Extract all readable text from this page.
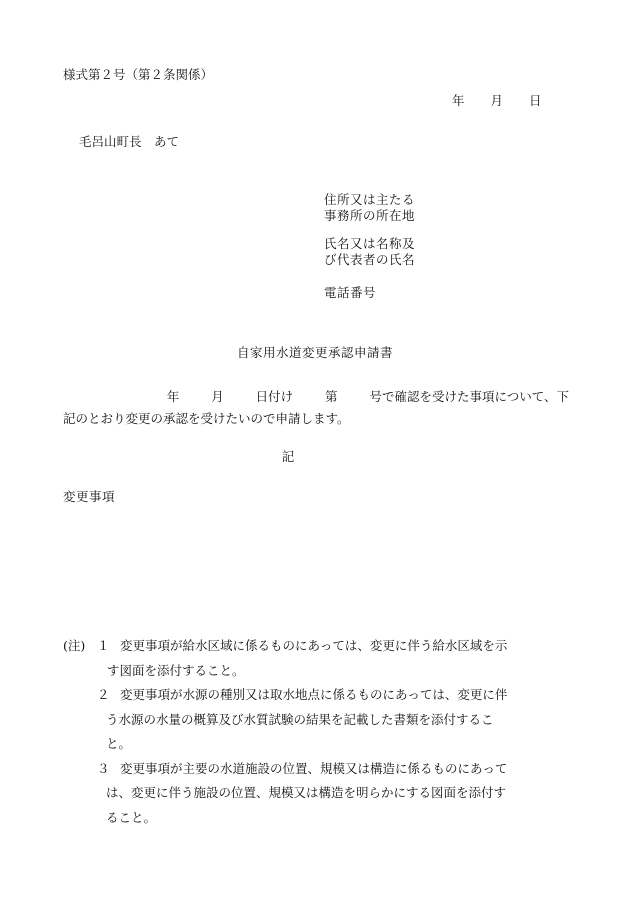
様式第２号（第２条関係）
年 月 日
毛呂山町長　あて
住所又は主たる
事務所の所在地
氏名又は名称及
び代表者の氏名
電話番号
自家用水道変更承認申請書
年	月	日付け	第	号で確認を受けた事項について、下
記のとおり変更の承認を受けたいので申請します。
記
変更事項
(注) １ 変更事項が給水区域に係るものにあっては、変更に伴う給水区域を示
す図面を添付すること。
２ 変更事項が水源の種別又は取水地点に係るものにあっては、変更に伴
う水源の水量の概算及び水質試験の結果を記載した書類を添付するこ
と。
３ 変更事項が主要の水道施設の位置、規模又は構造に係るものにあって
は、変更に伴う施設の位置、規模又は構造を明らかにする図面を添付す
ること。
